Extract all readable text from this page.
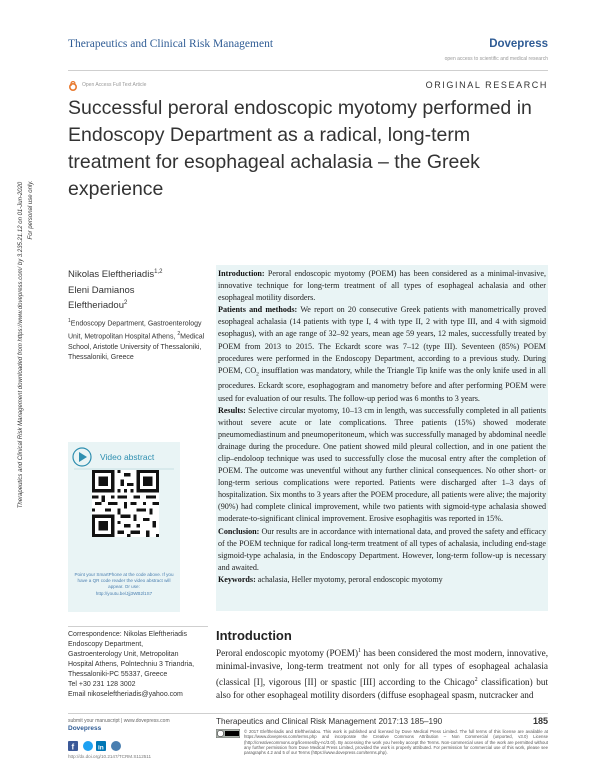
Therapeutics and Clinical Risk Management	Dovepress
open access to scientific and medical research
Open Access Full Text Article	ORIGINAL RESEARCH
Successful peroral endoscopic myotomy performed in Endoscopy Department as a radical, long-term treatment for esophageal achalasia – the Greek experience
Therapeutics and Clinical Risk Management downloaded from https://www.dovepress.com/ by 3.235.21.12 on 01-Jun-2020 For personal use only.
Nikolas Eleftheriadis$^{1,2}$
Eleni Damianos
Eleftheriadou$^2$
$^1$Endoscopy Department, Gastroenterology Unit, Metropolitan Hospital Athens, $^2$Medical School, Aristotle University of Thessaloniki, Thessaloniki, Greece
Video abstract
Point your SmartPhone at the code above. If you have a QR code reader the video abstract will appear. Or use:
http://youtu.be/Jjj3WB2l1S7
Introduction: Peroral endoscopic myotomy (POEM) has been considered as a minimal-invasive, innovative technique for long-term treatment of all types of esophageal achalasia and other esophageal motility disorders.
Patients and methods: We report on 20 consecutive Greek patients with manometrically proved esophageal achalasia (14 patients with type I, 4 with type II, 2 with type III, and 4 with sigmoid esophagus), with an age range of 32–92 years, mean age 59 years, 12 males, successfully treated by POEM from 2013 to 2015. The Eckardt score was 7–12 (type III). Seventeen (85%) POEM procedures were performed in the Endoscopy Department, according to a previous study. During POEM, $CO_2$ insufflation was mandatory, while the Triangle Tip knife was the only knife used in all procedures. Eckardt score, esophagogram and manometry before and after performing POEM were used for evaluation of our results. The follow-up period was 6 months to 3 years.
Results: Selective circular myotomy, 10–13 cm in length, was successfully completed in all patients without severe acute or late complications. Three patients (15%) showed moderate pneumomediastinum and pneumoperitoneum, which was successfully managed by abdominal needle drainage during the procedure. One patient showed mild pleural collection, and in one patient the clip–endoloop technique was used to successfully close the mucosal entry after the completion of POEM. The outcome was uneventful without any further clinical consequences. No other short- or long-term serious complications were reported. Patients were discharged after 1–3 days of hospitalization. Six months to 3 years after the POEM procedure, all patients were alive; the majority (90%) had complete clinical improvement, while two patients with sigmoid-type achalasia showed moderate-to-significant clinical improvement. Erosive esophagitis was reported in 15%.
Conclusion: Our results are in accordance with international data, and proved the safety and efficacy of the POEM technique for radical long-term treatment of all types of achalasia, including end-stage sigmoid-type achalasia, in the Endoscopy Department. However, long-term follow-up is necessary and awaited.
Keywords: achalasia, Heller myotomy, peroral endoscopic myotomy
Correspondence: Nikolas Eleftheriadis
Endoscopy Department,
Gastroenterology Unit, Metropolitan
Hospital Athens, Polntechniu 3 Triandria,
Thessaloniki-PC 55337, Greece
Tel +30 231 128 3002
Email nikoseleftheriadis@yahoo.com
Introduction
Peroral endoscopic myotomy (POEM)$^1$ has been considered the most modern, innovative, minimal-invasive, long-term treatment not only for all types of esophageal achalasia (classical [I], vigorous [II] or spastic [III] according to the Chicago$^2$ classification) but also for other esophageal motility disorders (diffuse esophageal spasm, nutcracker and
submit your manuscript | www.dovepress.com
Dovepress
f	in
http://dx.doi.org/10.2147/TCRM.S112511
Therapeutics and Clinical Risk Management 2017:13 185–190	185
© 2017 Eleftheriadis and Eleftheriadou. This work is published and licensed by Dove Medical Press Limited. The full terms of this license are available at https://www.dovepress.com/terms.php and incorporate the Creative Commons Attribution – Non Commercial (unported, v3.0) License (http://creativecommons.org/licenses/by-nc/3.0/). By accessing the work you hereby accept the Terms. Non-commercial uses of the work are permitted without any further permission from Dove Medical Press Limited, provided the work is properly attributed. For permission for commercial use of this work, please see paragraphs 4.2 and 5 of our Terms (https://www.dovepress.com/terms.php).
